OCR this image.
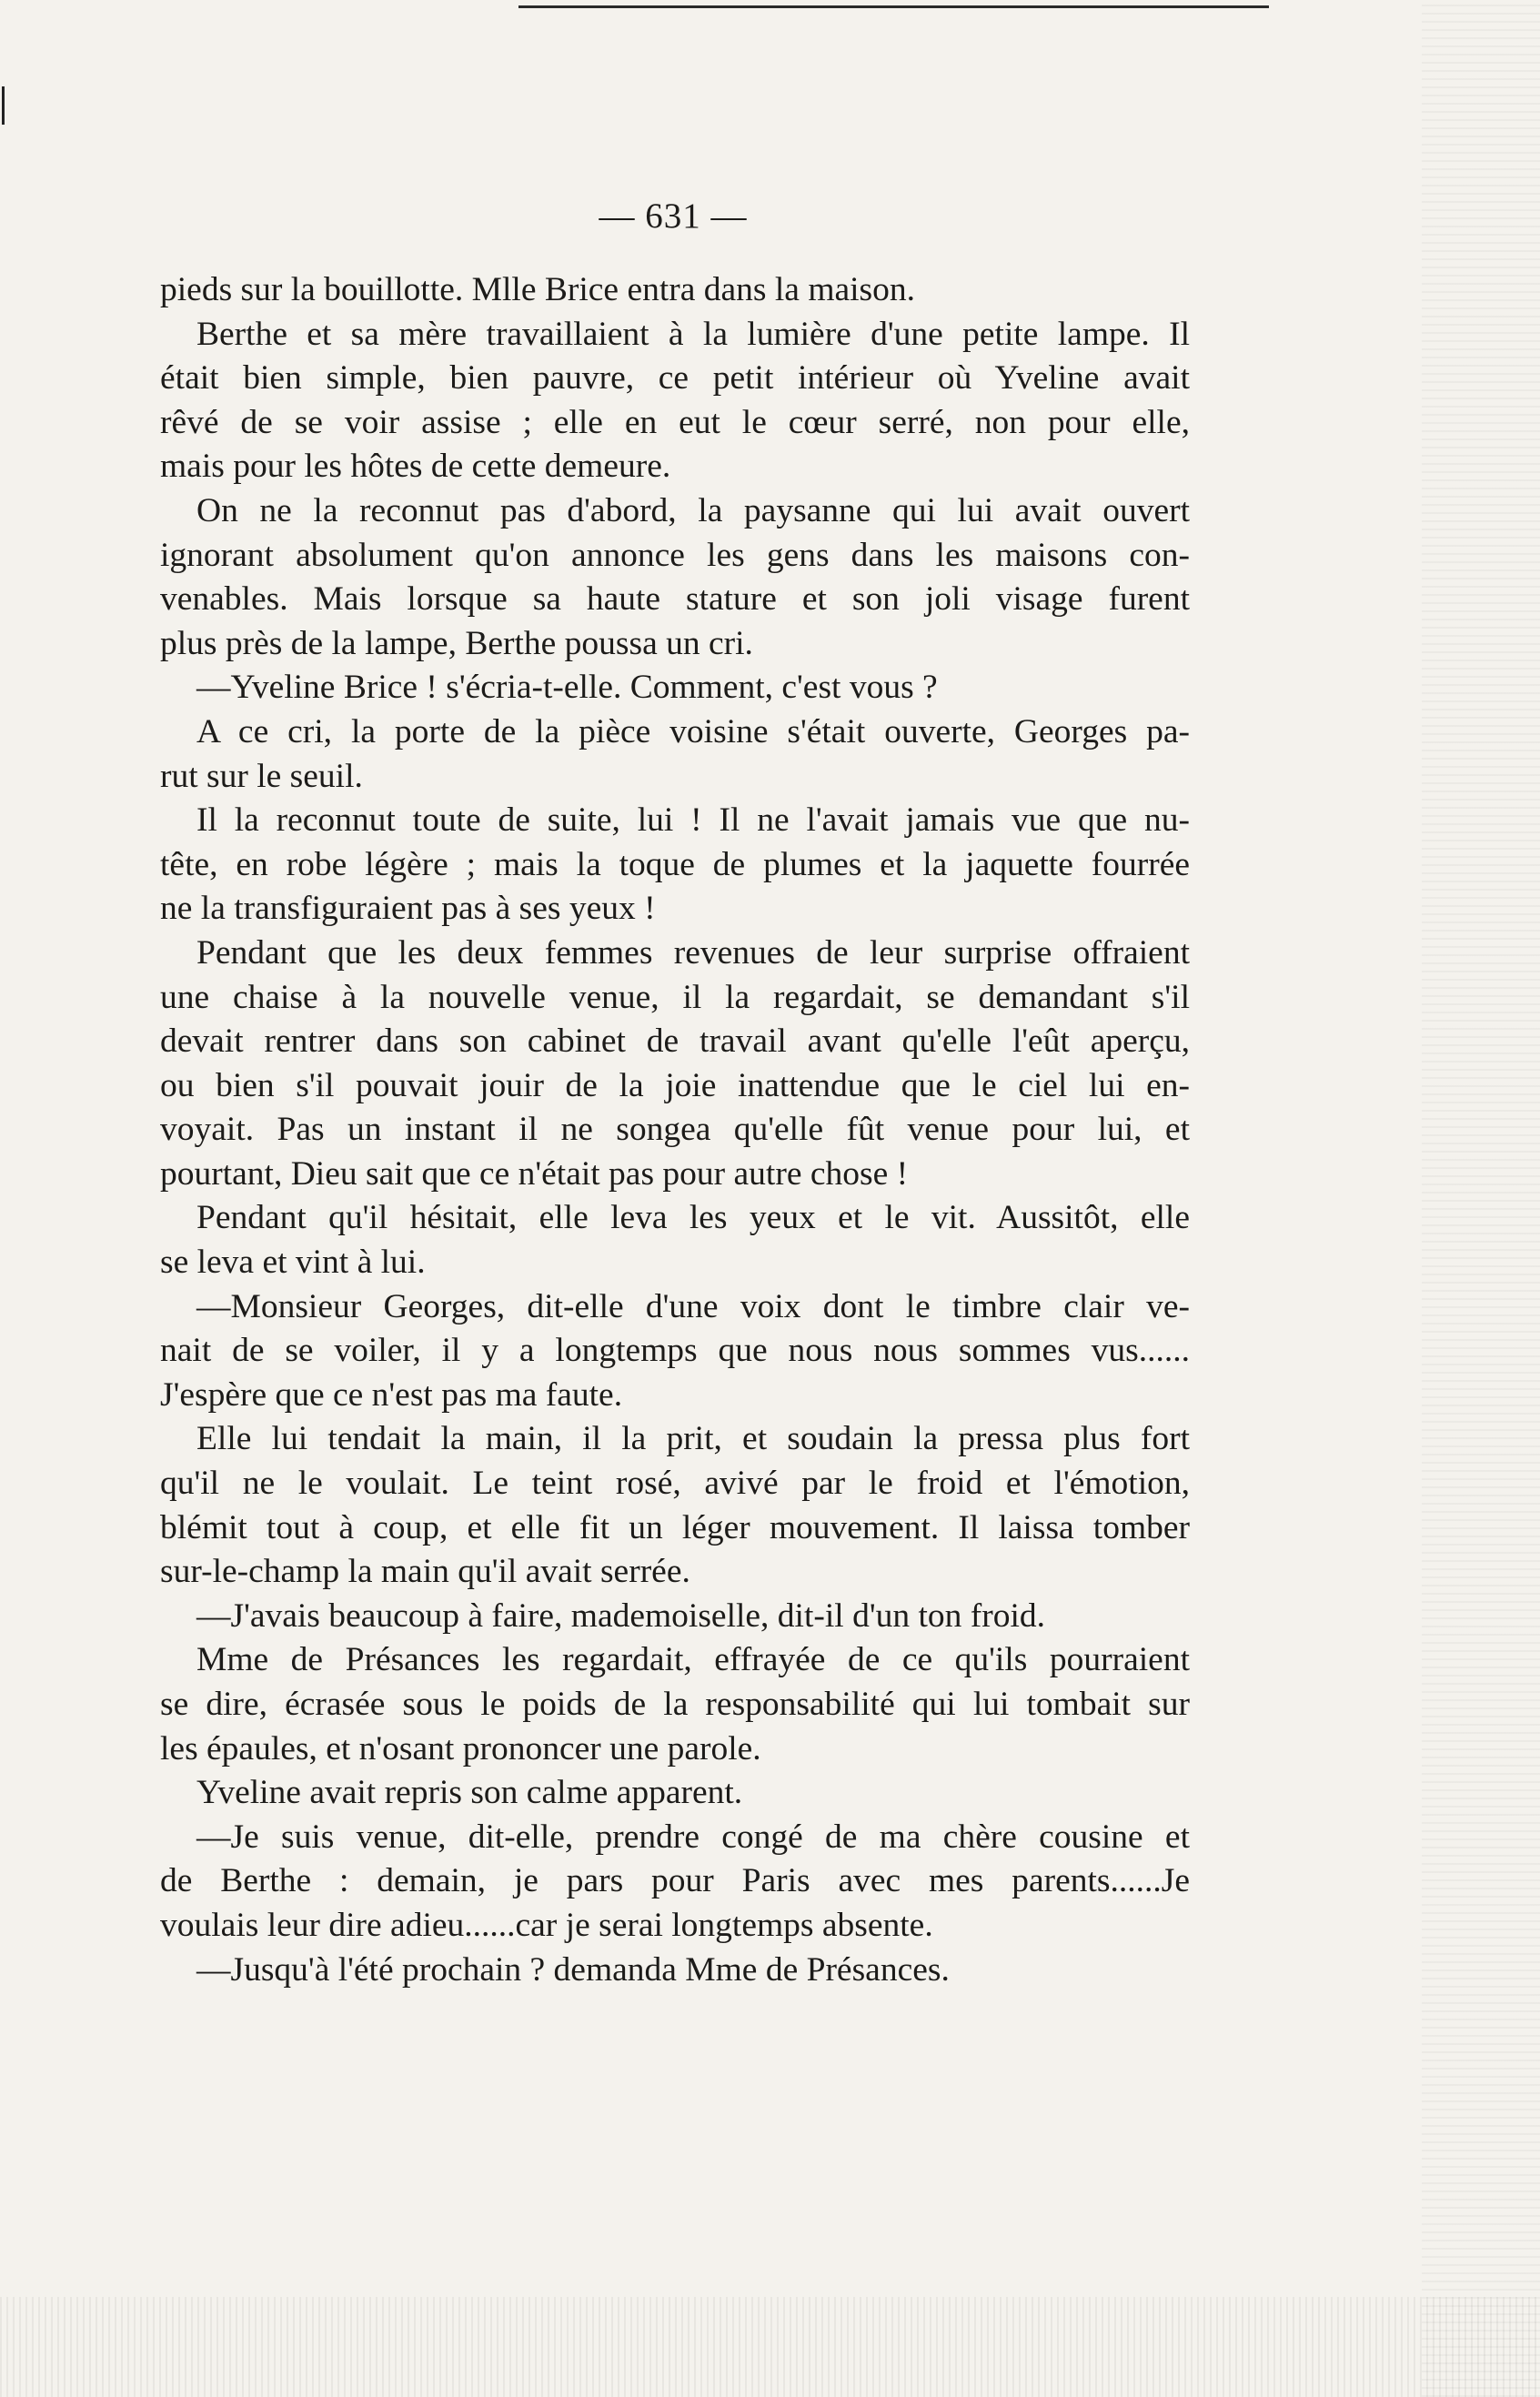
— 631 —
pieds sur la bouillotte. Mlle Brice entra dans la maison.
Berthe et sa mère travaillaient à la lumière d'une petite lampe. Il
était bien simple, bien pauvre, ce petit intérieur où Yveline avait
rêvé de se voir assise ; elle en eut le cœur serré, non pour elle,
mais pour les hôtes de cette demeure.
On ne la reconnut pas d'abord, la paysanne qui lui avait ouvert
ignorant absolument qu'on annonce les gens dans les maisons con-
venables. Mais lorsque sa haute stature et son joli visage furent
plus près de la lampe, Berthe poussa un cri.
—Yveline Brice ! s'écria-t-elle. Comment, c'est vous ?
A ce cri, la porte de la pièce voisine s'était ouverte, Georges pa-
rut sur le seuil.
Il la reconnut toute de suite, lui ! Il ne l'avait jamais vue que nu-
tête, en robe légère ; mais la toque de plumes et la jaquette fourrée
ne la transfiguraient pas à ses yeux !
Pendant que les deux femmes revenues de leur surprise offraient
une chaise à la nouvelle venue, il la regardait, se demandant s'il
devait rentrer dans son cabinet de travail avant qu'elle l'eût aperçu,
ou bien s'il pouvait jouir de la joie inattendue que le ciel lui en-
voyait. Pas un instant il ne songea qu'elle fût venue pour lui, et
pourtant, Dieu sait que ce n'était pas pour autre chose !
Pendant qu'il hésitait, elle leva les yeux et le vit. Aussitôt, elle
se leva et vint à lui.
—Monsieur Georges, dit-elle d'une voix dont le timbre clair ve-
nait de se voiler, il y a longtemps que nous nous sommes vus......
J'espère que ce n'est pas ma faute.
Elle lui tendait la main, il la prit, et soudain la pressa plus fort
qu'il ne le voulait. Le teint rosé, avivé par le froid et l'émotion,
blémit tout à coup, et elle fit un léger mouvement. Il laissa tomber
sur-le-champ la main qu'il avait serrée.
—J'avais beaucoup à faire, mademoiselle, dit-il d'un ton froid.
Mme de Présances les regardait, effrayée de ce qu'ils pourraient
se dire, écrasée sous le poids de la responsabilité qui lui tombait sur
les épaules, et n'osant prononcer une parole.
Yveline avait repris son calme apparent.
—Je suis venue, dit-elle, prendre congé de ma chère cousine et
de Berthe : demain, je pars pour Paris avec mes parents......Je
voulais leur dire adieu......car je serai longtemps absente.
—Jusqu'à l'été prochain ? demanda Mme de Présances.
